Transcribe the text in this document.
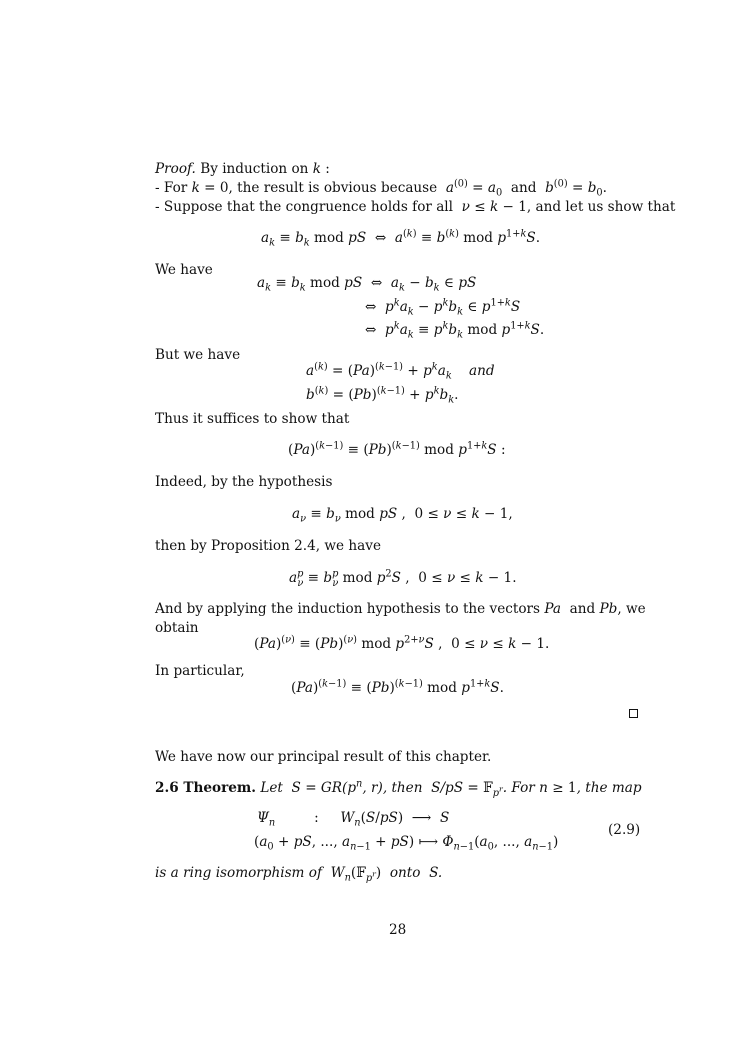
Proof. By induction on k :
- For k = 0, the result is obvious because  $a^{(0)} = a_0$  and  $b^{(0)} = b_0$.
- Suppose that the congruence holds for all  ν ≤ k − 1, and let us show that
$a_k \equiv b_k$ mod pS  ⇔  $a^{(k)} \equiv b^{(k)}$ mod $p^{1+k}S$.
We have
$a_k \equiv b_k$ mod pS  ⇔  $a_k - b_k$ ∈ pS
⇔  $p^ka_k - p^kb_k$ ∈ $p^{1+k}S$
⇔  $p^ka_k \equiv p^kb_k$ mod $p^{1+k}S$.
But we have
$a^{(k)} = (Pa)^{(k-1)} + p^ka_k$ and
$b^{(k)} = (Pb)^{(k-1)} + p^kb_k$.
Thus it suffices to show that
$(Pa)^{(k-1)} \equiv (Pb)^{(k-1)}$ mod $p^{1+k}S$ :
Indeed, by the hypothesis
$a_\nu \equiv b_\nu$ mod pS ,  0 ≤ ν ≤ k − 1,
then by Proposition 2.4, we have
$a^p_\nu \equiv b^p_\nu$ mod $p^2S$ ,  0 ≤ ν ≤ k − 1.
And by applying the induction hypothesis to the vectors Pa  and Pb, we
obtain
$(Pa)^{(\nu)} \equiv (Pb)^{(\nu)}$ mod $p^{2+\nu}S$ ,  0 ≤ ν ≤ k − 1.
In particular,
$(Pa)^{(k-1)} \equiv (Pb)^{(k-1)}$ mod $p^{1+k}S$.
We have now our principal result of this chapter.
2.6 Theorem. Let  $S = GR(p^n$, r), then  S/pS = 𝔽$_{p^r}$. For n ≥ 1, the map
$\Psi_n$         :     $W_n(S/pS)$  ⟶  S
($a_0$ + pS, ..., $a_{n-1} + pS$) ⟼ $\Phi_{n-1}(a_0$, ..., $a_{n-1}$)
(2.9)
is a ring isomorphism of  $W_n(𝔽_{p^r})$  onto  S.
28
